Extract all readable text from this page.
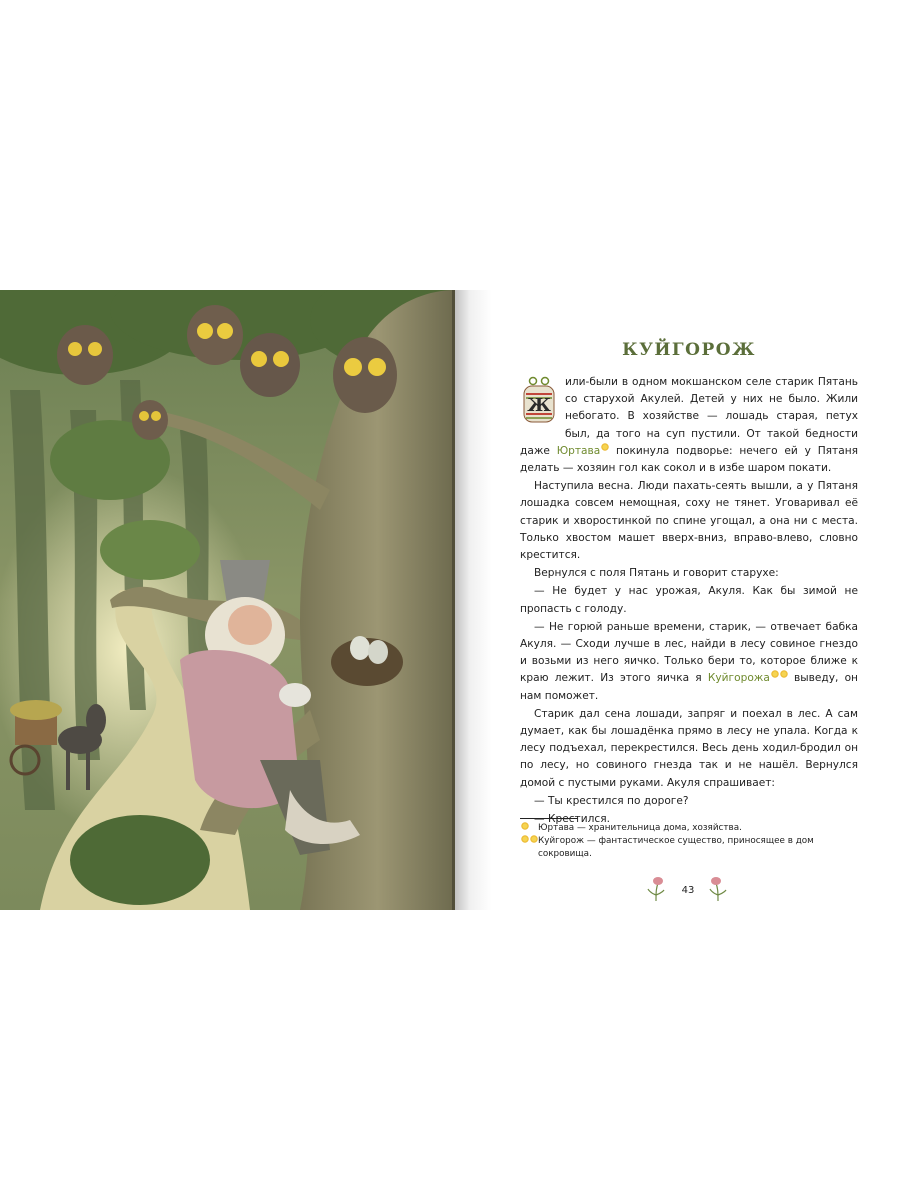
КУЙГОРОЖ

Ж
или-были в одном мокшанском селе старик Пятань со старухой Акулей. Детей у них не было. Жили небогато. В хозяйстве — лошадь старая, петух был, да того на суп пустили. От такой бедности даже Юртава покинула подворье: нечего ей у Пятаня делать — хозяин гол как сокол и в избе шаром покати.

Наступила весна. Люди пахать-сеять вышли, а у Пятаня лошадка совсем немощная, соху не тянет. Уговаривал её старик и хворостинкой по спине угощал, а она ни с места. Только хвостом машет вверх-вниз, вправо-влево, словно крестится.

Вернулся с поля Пятань и говорит старухе:

— Не будет у нас урожая, Акуля. Как бы зимой не пропасть с голоду.

— Не горюй раньше времени, старик, — отвечает бабка Акуля. — Сходи лучше в лес, найди в лесу совиное гнездо и возьми из него яичко. Только бери то, которое ближе к краю лежит. Из этого яичка я Куйгорожа выведу, он нам поможет.

Старик дал сена лошади, запряг и поехал в лес. А сам думает, как бы лошадёнка прямо в лесу не упала. Когда к лесу подъехал, перекрестился. Весь день ходил-бродил он по лесу, но совиного гнезда так и не нашёл. Вернулся домой с пустыми руками. Акуля спрашивает:

— Ты крестился по дороге?

— Крестился.

Юртава — хранительница дома, хозяйства.
Куйгорож — фантастическое существо, приносящее в дом сокровища.
43
